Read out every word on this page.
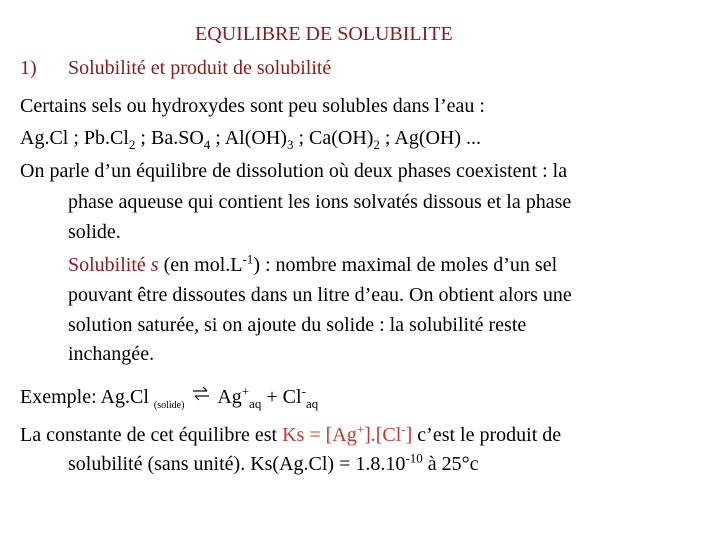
EQUILIBRE DE SOLUBILITE
1) Solubilité et produit de solubilité
Certains sels ou hydroxydes sont peu solubles dans l’eau :
Ag.Cl ; $Pb.Cl_2$ ; $Ba.SO_4$ ; $Al(OH)_3$ ; $Ca(OH)_2$ ; Ag(OH) ...
On parle d’un équilibre de dissolution où deux phases coexistent : la
phase aqueuse qui contient les ions solvatés dissous et la phase
solide.
Solubilité s (en $mol.L^{-1}$) : nombre maximal de moles d’un sel
pouvant être dissoutes dans un litre d’eau. On obtient alors une
solution saturée, si on ajoute du solide : la solubilité reste
inchangée.
Exemple: Ag.Cl $_{(solide)}$ ⇌ $Ag^+_{aq} + Cl^-_{aq}$
La constante de cet équilibre est Ks = [Ag+].[Cl-] c’est le produit de
solubilité (sans unité). $Ks(Ag.Cl) = 1.8.10^{-10}$ à 25°c
